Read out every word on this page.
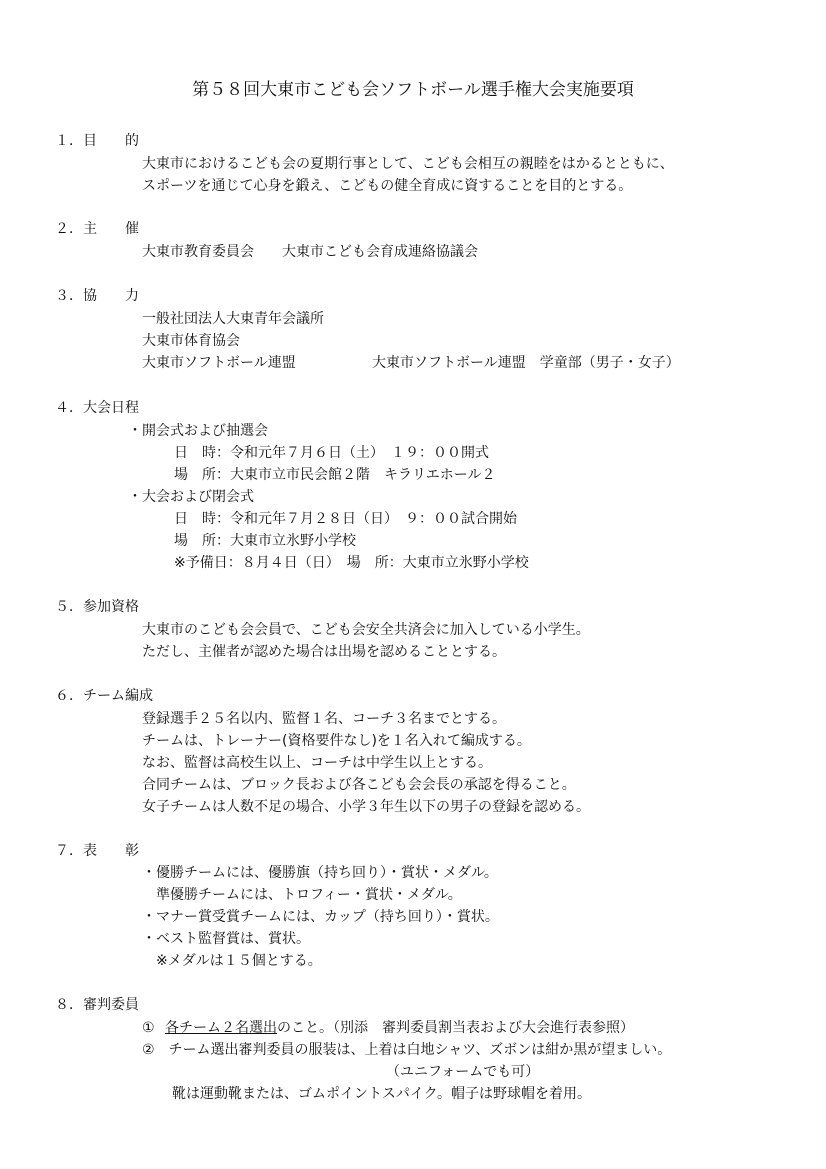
第５８回大東市こども会ソフトボール選手権大会実施要項
１．目　　的
大東市におけるこども会の夏期行事として、こども会相互の親睦をはかるとともに、
スポーツを通じて心身を鍛え、こどもの健全育成に資することを目的とする。
２．主　　催
大東市教育委員会　　大東市こども会育成連絡協議会
３．協　　力
一般社団法人大東青年会議所
大東市体育協会
大東市ソフトボール連盟	大東市ソフトボール連盟　学童部（男子・女子）
４．大会日程
・開会式および抽選会
日　時：令和元年７月６日（土）　１９：００開式
場　所：大東市立市民会館２階　キラリエホール２
・大会および閉会式
日　時：令和元年７月２８日（日）　９：００試合開始
場　所：大東市立氷野小学校
※予備日：８月４日（日）　場　所：大東市立氷野小学校
５．参加資格
大東市のこども会会員で、こども会安全共済会に加入している小学生。
ただし、主催者が認めた場合は出場を認めることとする。
６．チーム編成
登録選手２５名以内、監督１名、コーチ３名までとする。
チームは、トレーナー(資格要件なし)を１名入れて編成する。
なお、監督は高校生以上、コーチは中学生以上とする。
合同チームは、ブロック長および各こども会会長の承認を得ること。
女子チームは人数不足の場合、小学３年生以下の男子の登録を認める。
７．表　　彰
・優勝チームには、優勝旗（持ち回り）・賞状・メダル。
準優勝チームには、トロフィー・賞状・メダル。
・マナー賞受賞チームには、カップ（持ち回り）・賞状。
・ベスト監督賞は、賞状。
※メダルは１５個とする。
８．審判委員
① 各チーム２名選出のこと。（別添　審判委員割当表および大会進行表参照）
②　チーム選出審判委員の服装は、上着は白地シャツ、ズボンは紺か黒が望ましい。
（ユニフォームでも可）
靴は運動靴または、ゴムポイントスパイク。帽子は野球帽を着用。
